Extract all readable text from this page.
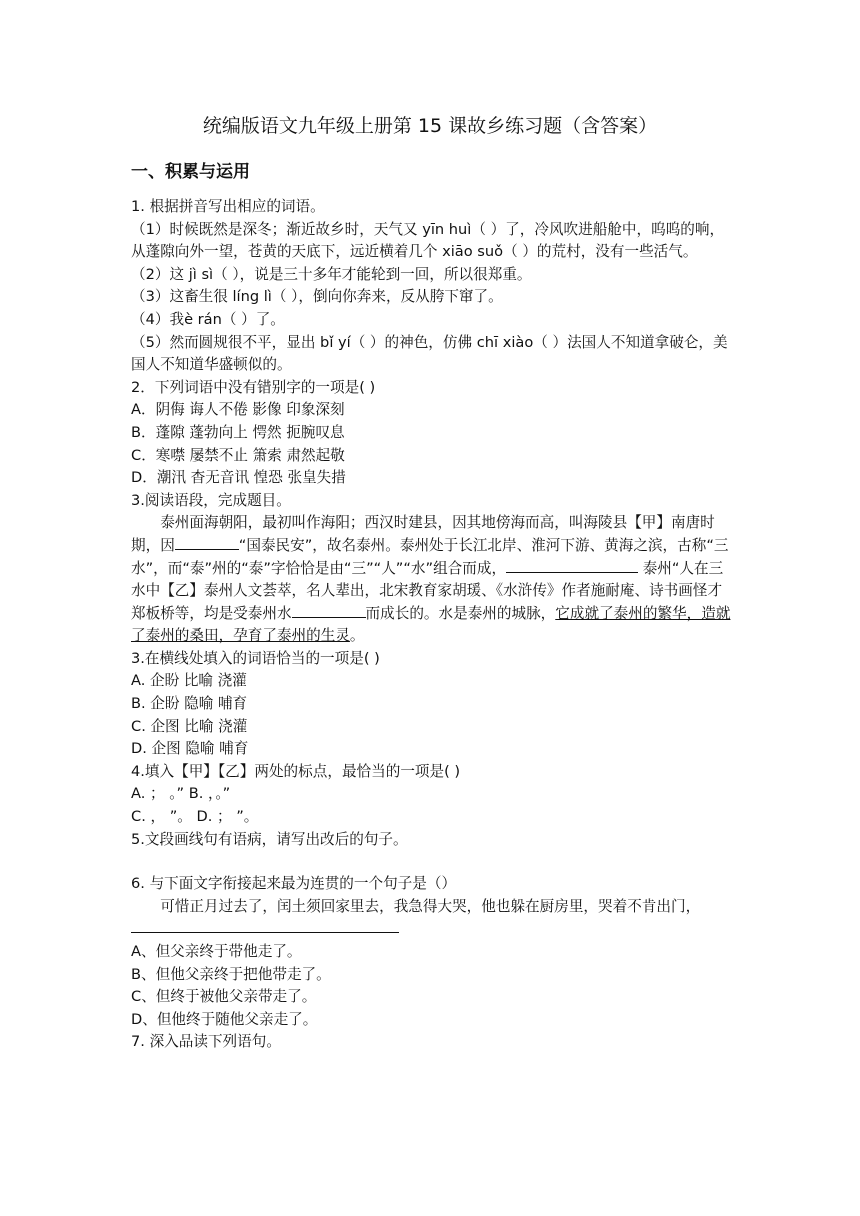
统编版语文九年级上册第 15 课故乡练习题（含答案）
一、积累与运用

1. 根据拼音写出相应的词语。

（1）时候既然是深冬；渐近故乡时，天气又 yīn huì（ ）了，冷风吹进船舱中，呜呜的响，从蓬隙向外一望，苍黄的天底下，远近横着几个 xiāo suǒ（ ）的荒村，没有一些活气。

（2）这 jì sì（ ），说是三十多年才能轮到一回，所以很郑重。

（3）这畜生很 líng lì（ ），倒向你奔来，反从胯下窜了。

（4）我è rán（ ）了。

（5）然而圆规很不平，显出 bǐ yí（ ）的神色，仿佛 chī xiào（ ）法国人不知道拿破仑，美国人不知道华盛顿似的。

2．下列词语中没有错别字的一项是( )

A．阴侮 诲人不倦 影像 印象深刻

B．蓬隙 蓬勃向上 愕然 扼腕叹息

C．寒噤 屡禁不止 箫索 肃然起敬

D．潮汛 杳无音讯 惶恐 张皇失措

3.阅读语段，完成题目。

泰州面海朝阳，最初叫作海阳；西汉时建县，因其地傍海而高，叫海陵县【甲】南唐时期，因	“国泰民安”，故名泰州。泰州处于长江北岸、淮河下游、黄海之滨，古称“三水”，而“泰”州的“泰”字恰恰是由“三”“人”“水”组合而成，	泰州“人在三水中【乙】泰州人文荟萃，名人辈出，北宋教育家胡瑗、《水浒传》作者施耐庵、诗书画怪才郑板桥等，均是受泰州水	而成长的。水是泰州的城脉，它成就了泰州的繁华，造就了泰州的桑田，孕育了泰州的生灵。

3.在横线处填入的词语恰当的一项是( )

A. 企盼 比喻 浇灌

B. 企盼 隐喻 哺育

C. 企图 比喻 浇灌

D. 企图 隐喻 哺育

4.填入【甲】【乙】两处的标点，最恰当的一项是( )

A. ； 。” B. ，。”

C. ， ”。 D. ； ”。

5.文段画线句有语病，请写出改后的句子。

6. 与下面文字衔接起来最为连贯的一个句子是（）

可惜正月过去了，闰土须回家里去，我急得大哭，他也躲在厨房里，哭着不肯出门，

A、但父亲终于带他走了。

B、但他父亲终于把他带走了。

C、但终于被他父亲带走了。

D、但他终于随他父亲走了。

7. 深入品读下列语句。
